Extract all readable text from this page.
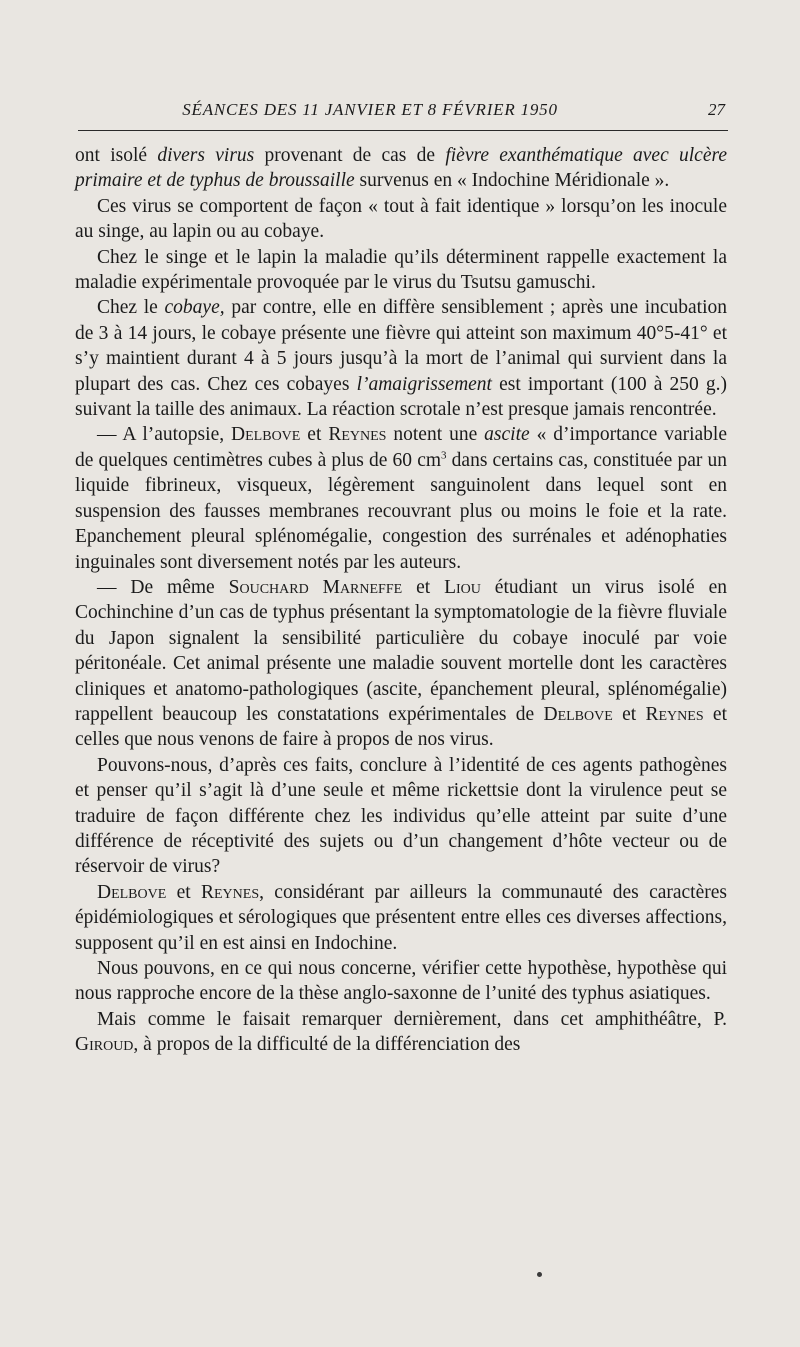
SÉANCES DES 11 JANVIER ET 8 FÉVRIER 1950	27

ont isolé divers virus provenant de cas de fièvre exanthématique avec ulcère primaire et de typhus de broussaille survenus en « Indochine Méridionale ».

Ces virus se comportent de façon « tout à fait identique » lorsqu’on les inocule au singe, au lapin ou au cobaye.

Chez le singe et le lapin la maladie qu’ils déterminent rappelle exactement la maladie expérimentale provoquée par le virus du Tsutsu gamuschi.

Chez le cobaye, par contre, elle en diffère sensiblement ; après une incubation de 3 à 14 jours, le cobaye présente une fièvre qui atteint son maximum 40°5-41° et s’y maintient durant 4 à 5 jours jusqu’à la mort de l’animal qui survient dans la plupart des cas. Chez ces cobayes l’amaigrissement est important (100 à 250 g.) suivant la taille des animaux. La réaction scrotale n’est presque jamais rencontrée.

— A l’autopsie, Delbove et Reynes notent une ascite « d’importance variable de quelques centimètres cubes à plus de 60 $cm^3$ dans certains cas, constituée par un liquide fibrineux, visqueux, légèrement sanguinolent dans lequel sont en suspension des fausses membranes recouvrant plus ou moins le foie et la rate. Epanchement pleural splénomégalie, congestion des surrénales et adénophaties inguinales sont diversement notés par les auteurs.

— De même Souchard Marneffe et Liou étudiant un virus isolé en Cochinchine d’un cas de typhus présentant la symptomatologie de la fièvre fluviale du Japon signalent la sensibilité particulière du cobaye inoculé par voie péritonéale. Cet animal présente une maladie souvent mortelle dont les caractères cliniques et anatomo-pathologiques (ascite, épanchement pleural, splénomégalie) rappellent beaucoup les constatations expérimentales de Delbove et Reynes et celles que nous venons de faire à propos de nos virus.

Pouvons-nous, d’après ces faits, conclure à l’identité de ces agents pathogènes et penser qu’il s’agit là d’une seule et même rickettsie dont la virulence peut se traduire de façon différente chez les individus qu’elle atteint par suite d’une différence de réceptivité des sujets ou d’un changement d’hôte vecteur ou de réservoir de virus?

Delbove et Reynes, considérant par ailleurs la communauté des caractères épidémiologiques et sérologiques que présentent entre elles ces diverses affections, supposent qu’il en est ainsi en Indochine.

Nous pouvons, en ce qui nous concerne, vérifier cette hypothèse, hypothèse qui nous rapproche encore de la thèse anglo-saxonne de l’unité des typhus asiatiques.

Mais comme le faisait remarquer dernièrement, dans cet amphithéâtre, P. Giroud, à propos de la difficulté de la différenciation des
